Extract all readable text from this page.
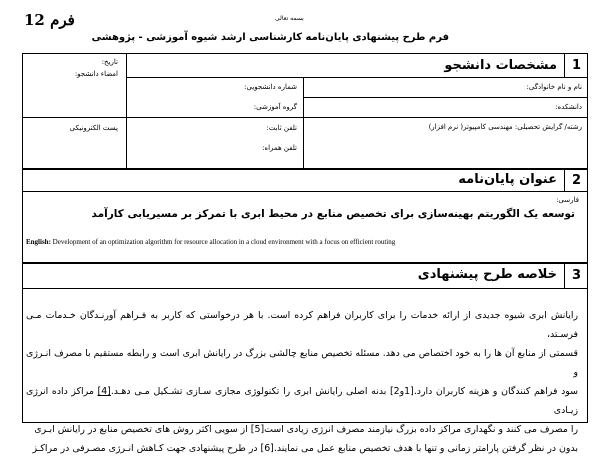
بسمه تعالی
12 فرم
فرم طرح پیشنهادی پایان‌نامه کارشناسی ارشد شیوه آموزشی - پژوهشی
1
مشخصات دانشجو
تاریخ:
امضاء دانشجو:
نام و نام خانوادگی:
شماره دانشجویی:
دانشکده:
گروه آموزشی:
رشته/ گرایش تحصیلی: مهندسی کامپیوتر( نرم افزار)
تلفن ثابت:
تلفن همراه:
پست الکترونیکی
2
عنوان پایان‌نامه
فارسی:
توسعه یک الگوریتم بهینه‌سازی برای تخصیص منابع در محیط ابری با تمرکز بر مسیریابی کارآمد
English: Development of an optimization algorithm for resource allocation in a cloud environment with a focus on efficient routing
3
خلاصه طرح پیشنهادی
رایانش ابری شیوه جدیدی از ارائه خدمات را برای کاربران فراهم کرده است. با هر درخواستی که کاربر به فـراهم آورنـدگان خـدمات مـی فرسـتد،
قسمتی از منابع آن ها را به خود اختصاص می دهد. مسئله تخصیص منابع چالشی بزرگ در رایانش ابری است و رابطه مستقیم با مصرف انـرژی و
سود فراهم کنندگان و هزینه کاربران دارد.[1و2] بدنه اصلی رایانش ابری را تکنولوژی مجازی سـازی تشـکیل مـی دهـد.[4] مراکز داده انرژی زیـادی
را مصرف می کنند و نگهداری مراکز داده بزرگ نیازمند مصرف انرژی زیادی است[5] از سویی اکثر روش های تخصیص منابع در رایانش ابـری
بدون در نظر گرفتن پارامتر زمانی و تنها با هدف تخصیص منابع عمل می نمایند.[6] در طرح پیشنهادی جهت کـاهش انـرژی مصـرفی در مراکـز
